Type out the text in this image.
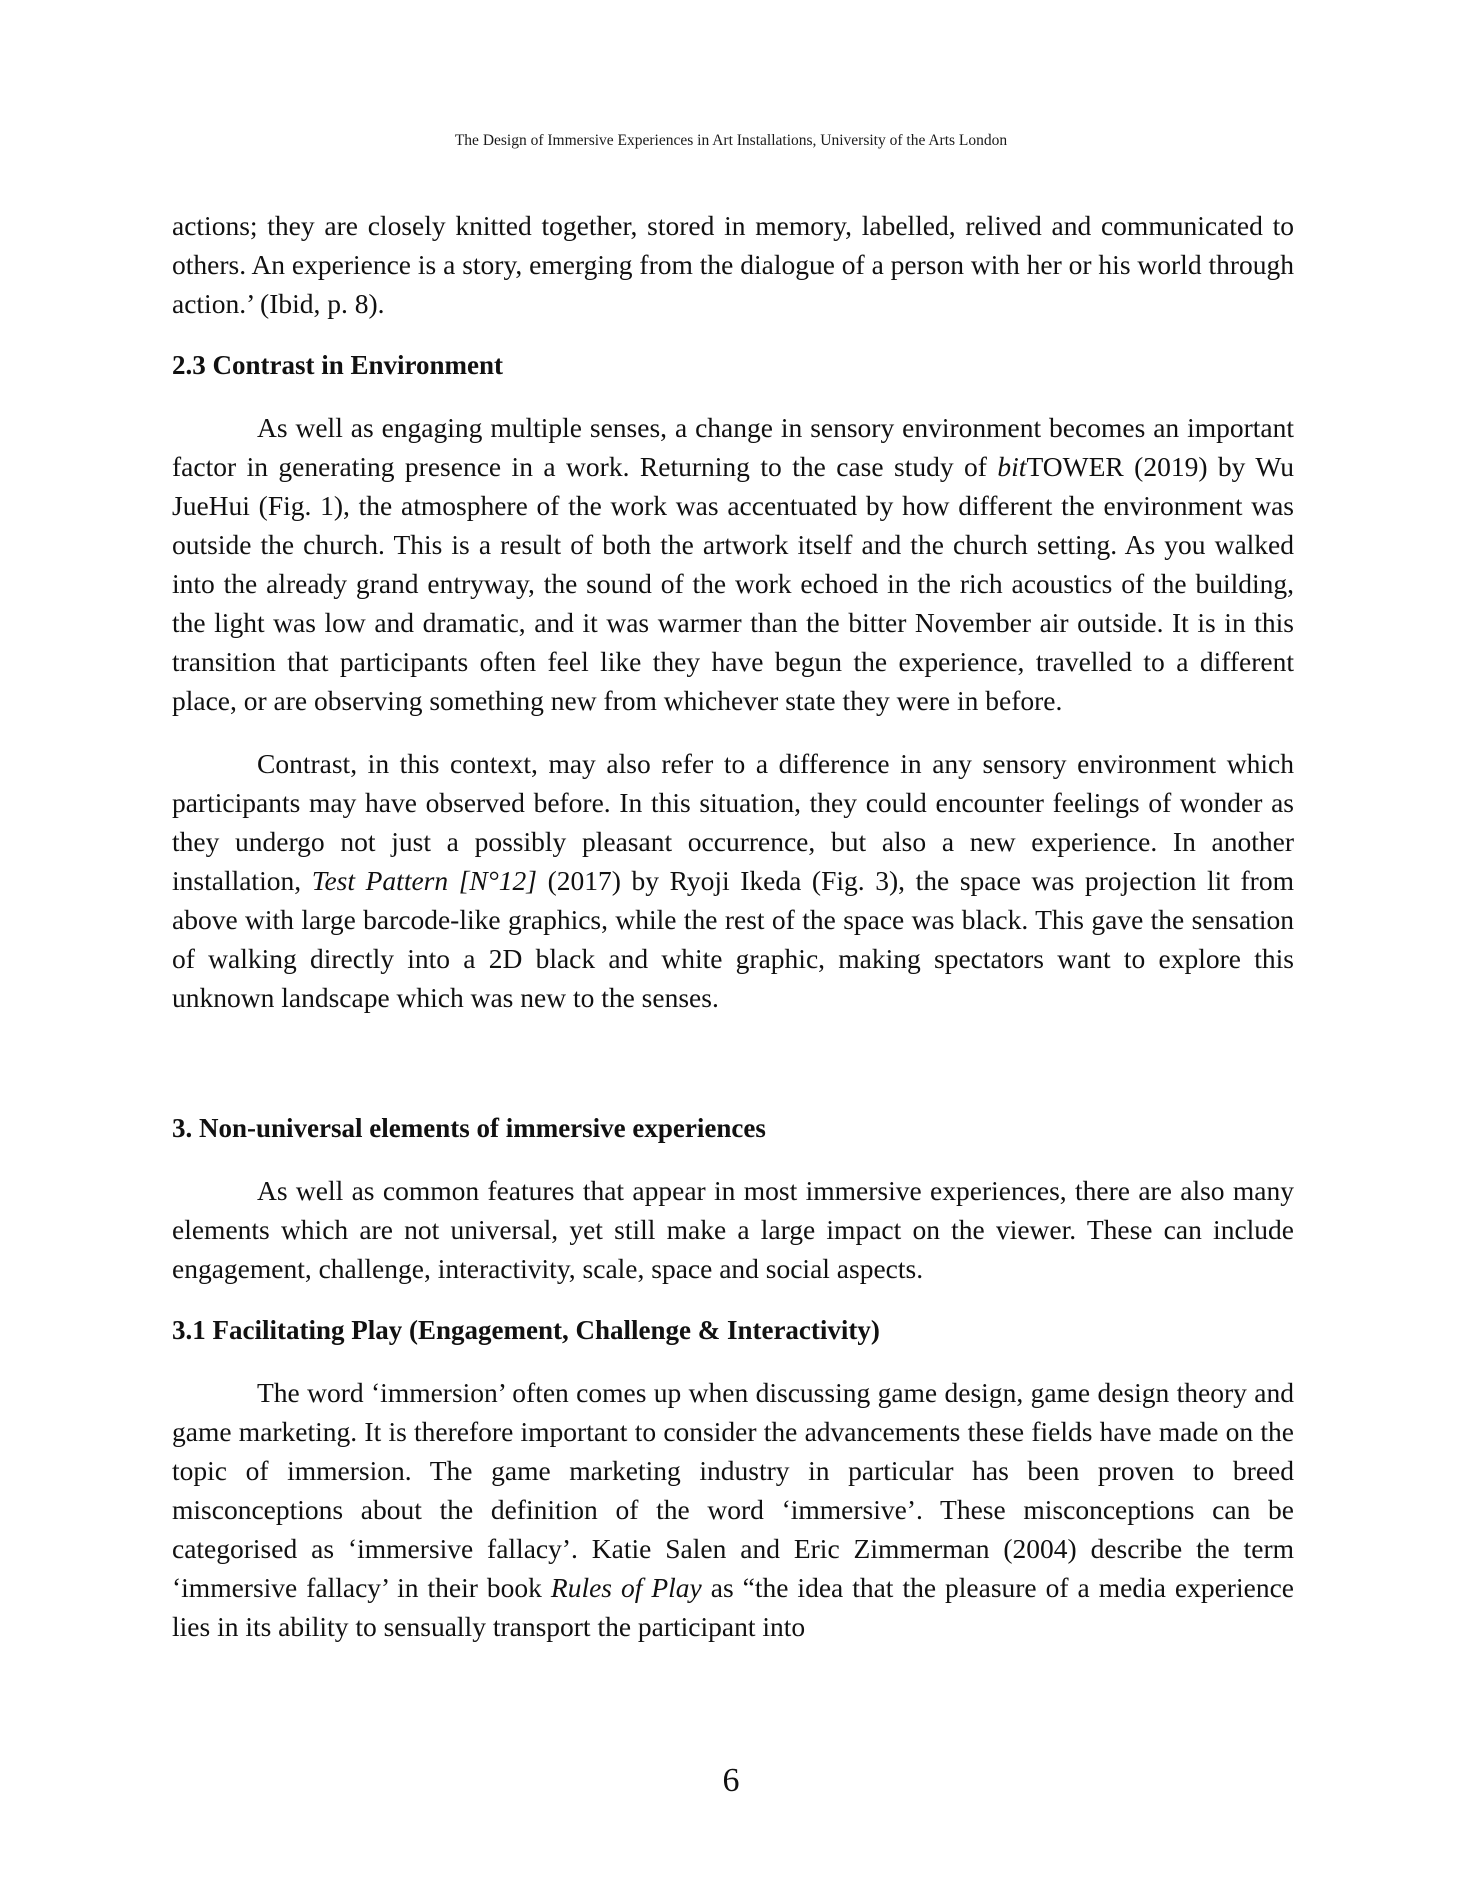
The Design of Immersive Experiences in Art Installations, University of the Arts London

actions; they are closely knitted together, stored in memory, labelled, relived and communicated to others. An experience is a story, emerging from the dialogue of a person with her or his world through action.’ (Ibid, p. 8).

2.3 Contrast in Environment

As well as engaging multiple senses, a change in sensory environment becomes an important factor in generating presence in a work. Returning to the case study of bitTOWER (2019) by Wu JueHui (Fig. 1), the atmosphere of the work was accentuated by how different the environment was outside the church. This is a result of both the artwork itself and the church setting. As you walked into the already grand entryway, the sound of the work echoed in the rich acoustics of the building, the light was low and dramatic, and it was warmer than the bitter November air outside. It is in this transition that participants often feel like they have begun the experience, travelled to a different place, or are observing something new from whichever state they were in before.

Contrast, in this context, may also refer to a difference in any sensory environment which participants may have observed before. In this situation, they could encounter feelings of wonder as they undergo not just a possibly pleasant occurrence, but also a new experience. In another installation, Test Pattern [N°12] (2017) by Ryoji Ikeda (Fig. 3), the space was projection lit from above with large barcode-like graphics, while the rest of the space was black. This gave the sensation of walking directly into a 2D black and white graphic, making spectators want to explore this unknown landscape which was new to the senses.

3. Non-universal elements of immersive experiences

As well as common features that appear in most immersive experiences, there are also many elements which are not universal, yet still make a large impact on the viewer. These can include engagement, challenge, interactivity, scale, space and social aspects.

3.1 Facilitating Play (Engagement, Challenge & Interactivity)

The word ‘immersion’ often comes up when discussing game design, game design theory and game marketing. It is therefore important to consider the advancements these fields have made on the topic of immersion. The game marketing industry in particular has been proven to breed misconceptions about the definition of the word ‘immersive’. These misconceptions can be categorised as ‘immersive fallacy’. Katie Salen and Eric Zimmerman (2004) describe the term ‘immersive fallacy’ in their book Rules of Play as “the idea that the pleasure of a media experience lies in its ability to sensually transport the participant into

6
